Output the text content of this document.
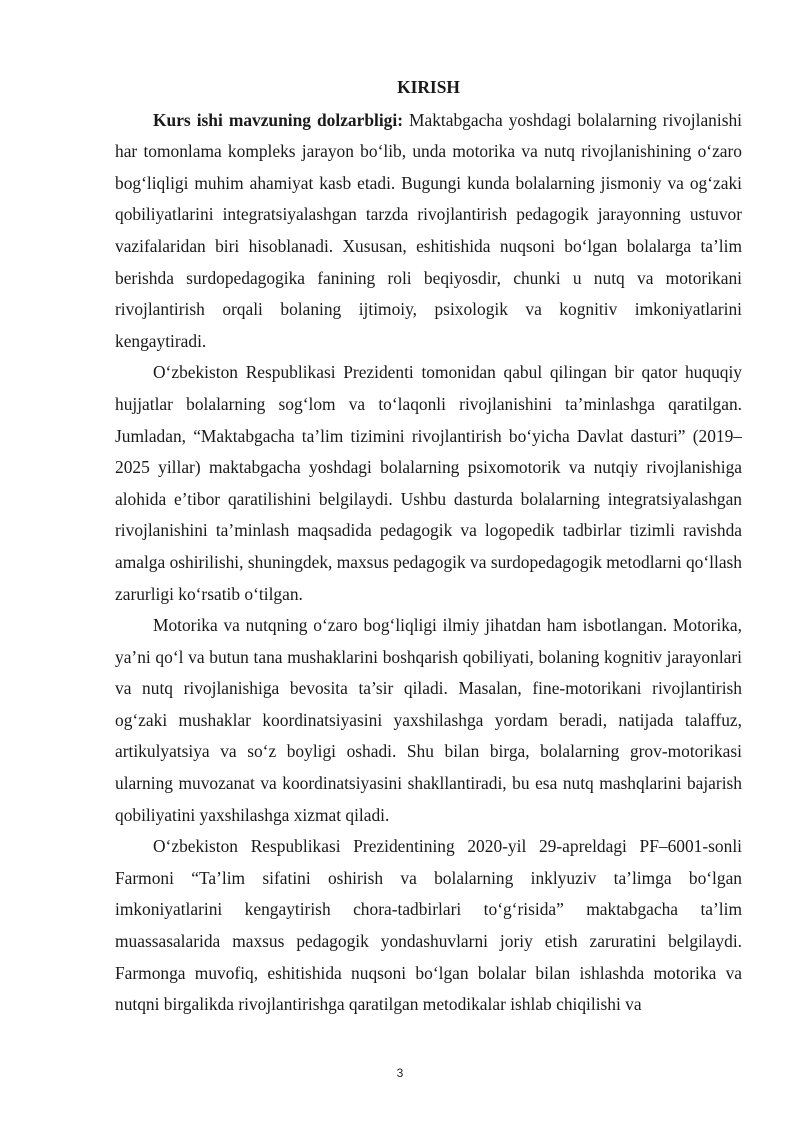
KIRISH

Kurs ishi mavzuning dolzarbligi: Maktabgacha yoshdagi bolalarning rivojlanishi har tomonlama kompleks jarayon bo‘lib, unda motorika va nutq rivojlanishining o‘zaro bog‘liqligi muhim ahamiyat kasb etadi. Bugungi kunda bolalarning jismoniy va og‘zaki qobiliyatlarini integratsiyalashgan tarzda rivojlantirish pedagogik jarayonning ustuvor vazifalaridan biri hisoblanadi. Xususan, eshitishida nuqsoni bo‘lgan bolalarga ta’lim berishda surdopedagogika fanining roli beqiyosdir, chunki u nutq va motorikani rivojlantirish orqali bolaning ijtimoiy, psixologik va kognitiv imkoniyatlarini kengaytiradi.

O‘zbekiston Respublikasi Prezidenti tomonidan qabul qilingan bir qator huquqiy hujjatlar bolalarning sog‘lom va to‘laqonli rivojlanishini ta’minlashga qaratilgan. Jumladan, “Maktabgacha ta’lim tizimini rivojlantirish bo‘yicha Davlat dasturi” (2019–2025 yillar) maktabgacha yoshdagi bolalarning psixomotorik va nutqiy rivojlanishiga alohida e’tibor qaratilishini belgilaydi. Ushbu dasturda bolalarning integratsiyalashgan rivojlanishini ta’minlash maqsadida pedagogik va logopedik tadbirlar tizimli ravishda amalga oshirilishi, shuningdek, maxsus pedagogik va surdopedagogik metodlarni qo‘llash zarurligi ko‘rsatib o‘tilgan.

Motorika va nutqning o‘zaro bog‘liqligi ilmiy jihatdan ham isbotlangan. Motorika, ya’ni qo‘l va butun tana mushaklarini boshqarish qobiliyati, bolaning kognitiv jarayonlari va nutq rivojlanishiga bevosita ta’sir qiladi. Masalan, fine-motorikani rivojlantirish og‘zaki mushaklar koordinatsiyasini yaxshilashga yordam beradi, natijada talaffuz, artikulyatsiya va so‘z boyligi oshadi. Shu bilan birga, bolalarning grov-motorikasi ularning muvozanat va koordinatsiyasini shakllantiradi, bu esa nutq mashqlarini bajarish qobiliyatini yaxshilashga xizmat qiladi.

O‘zbekiston Respublikasi Prezidentining 2020-yil 29-apreldagi PF–6001-sonli Farmoni “Ta’lim sifatini oshirish va bolalarning inklyuziv ta’limga bo‘lgan imkoniyatlarini kengaytirish chora-tadbirlari to‘g‘risida” maktabgacha ta’lim muassasalarida maxsus pedagogik yondashuvlarni joriy etish zaruratini belgilaydi. Farmonga muvofiq, eshitishida nuqsoni bo‘lgan bolalar bilan ishlashda motorika va nutqni birgalikda rivojlantirishga qaratilgan metodikalar ishlab chiqilishi va

3
